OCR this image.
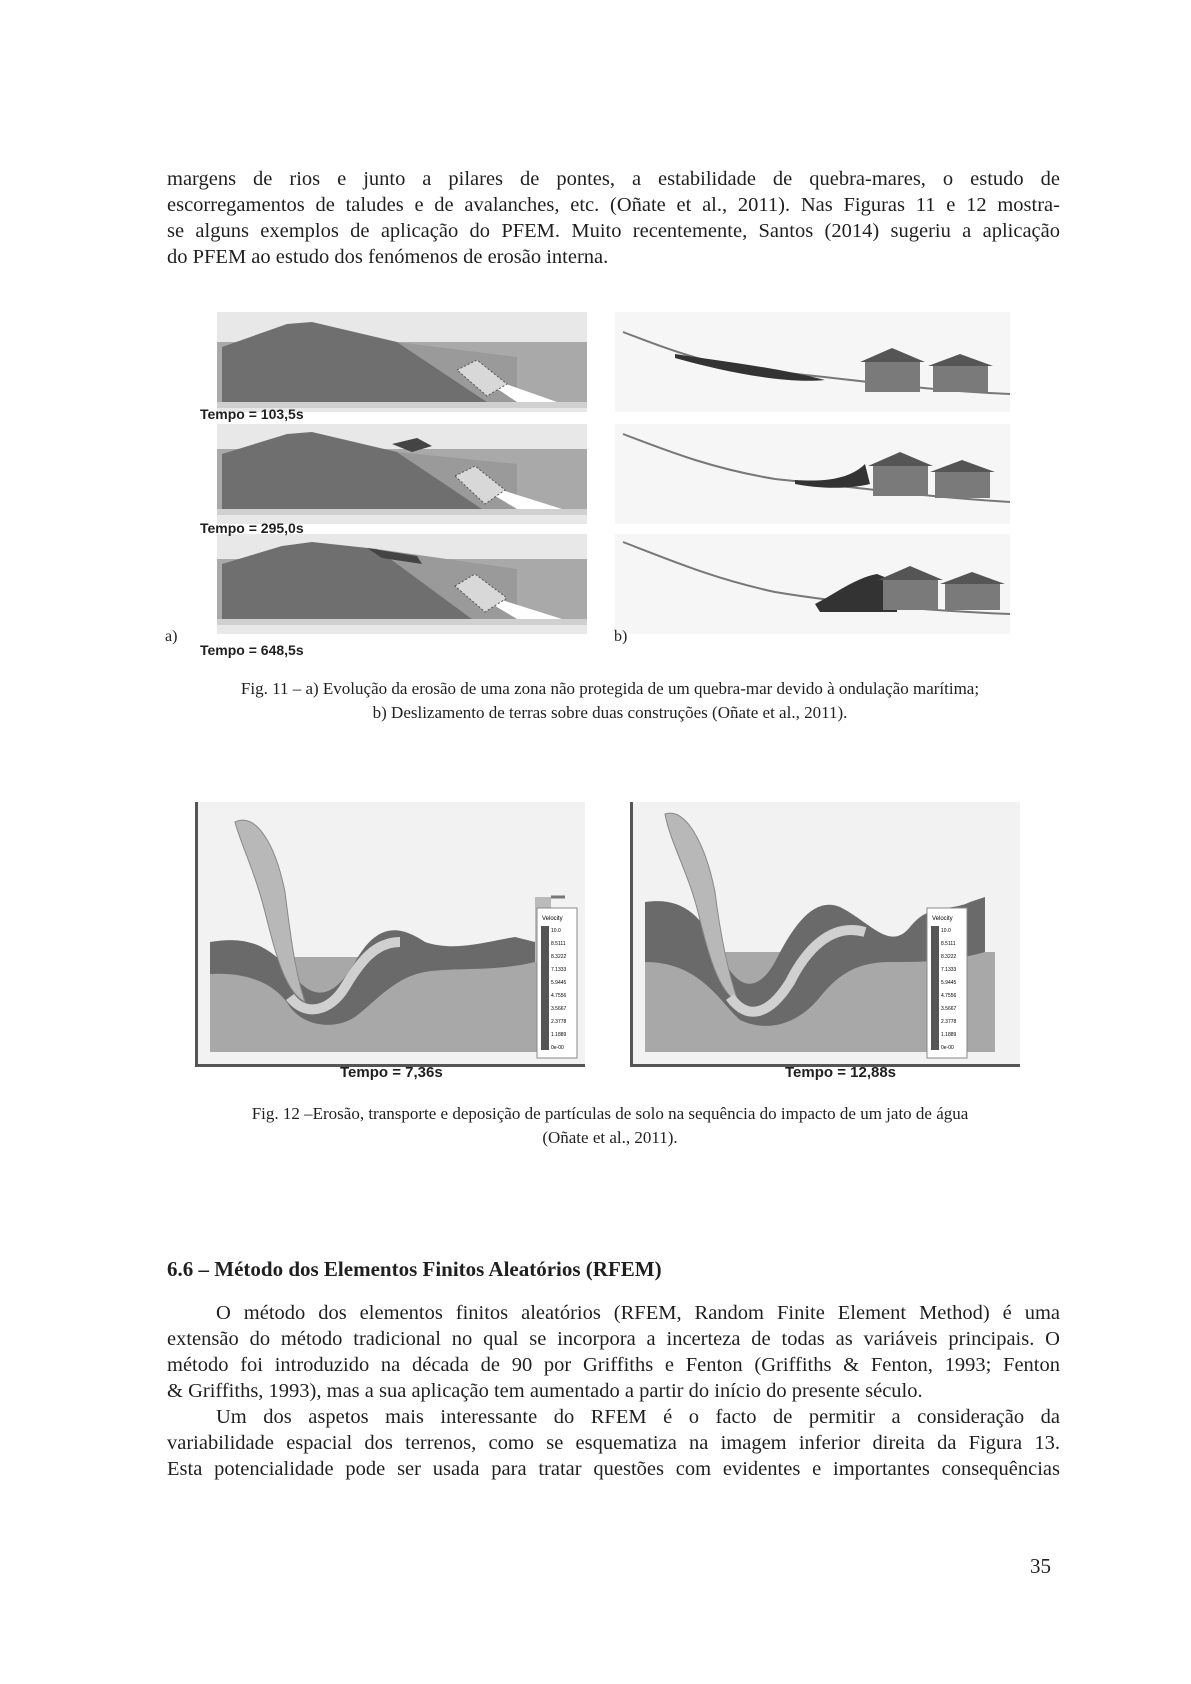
margens de rios e junto a pilares de pontes, a estabilidade de quebra-mares, o estudo de
escorregamentos de taludes e de avalanches, etc. (Oñate et al., 2011). Nas Figuras 11 e 12 mostra-
se alguns exemplos de aplicação do PFEM. Muito recentemente, Santos (2014) sugeriu a aplicação
do PFEM ao estudo dos fenómenos de erosão interna.
Tempo = 103,5s
Tempo = 295,0s
Tempo = 648,5s
a)	b)
Fig. 11 – a) Evolução da erosão de uma zona não protegida de um quebra-mar devido à ondulação marítima;
b) Deslizamento de terras sobre duas construções (Oñate et al., 2011).
Velocity
10.0
8.5111
8.3222
7.1333
5.9445
4.7556
3.5667
2.3778
1.1889
0e-00
Velocity
10.0
8.5111
8.3222
7.1333
5.9445
4.7556
3.5667
2.3778
1.1889
0e-00
Tempo = 7,36s	Tempo = 12,88s
Fig. 12 –Erosão, transporte e deposição de partículas de solo na sequência do impacto de um jato de água
(Oñate et al., 2011).
6.6 – Método dos Elementos Finitos Aleatórios (RFEM)
O método dos elementos finitos aleatórios (RFEM, Random Finite Element Method) é uma
extensão do método tradicional no qual se incorpora a incerteza de todas as variáveis principais. O
método foi introduzido na década de 90 por Griffiths e Fenton (Griffiths & Fenton, 1993; Fenton
& Griffiths, 1993), mas a sua aplicação tem aumentado a partir do início do presente século.
Um dos aspetos mais interessante do RFEM é o facto de permitir a consideração da
variabilidade espacial dos terrenos, como se esquematiza na imagem inferior direita da Figura 13.
Esta potencialidade pode ser usada para tratar questões com evidentes e importantes consequências
35
